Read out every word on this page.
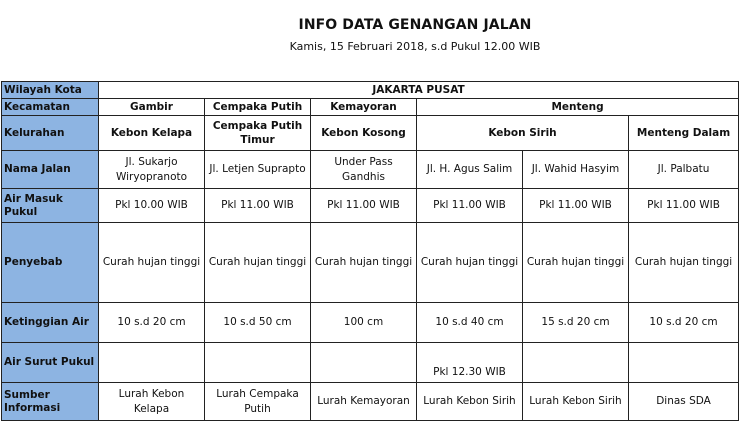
INFO DATA GENANGAN JALAN
Kamis, 15 Februari 2018, s.d Pukul 12.00 WIB
Wilayah Kota	JAKARTA PUSAT					
Kecamatan	Gambir	Cempaka Putih	Kemayoran	Menteng		
Kelurahan	Kebon Kelapa	Cempaka Putih Timur	Kebon Kosong	Kebon Sirih		Menteng Dalam
Nama Jalan	Jl. Sukarjo Wiryopranoto	Jl. Letjen Suprapto	Under Pass Gandhis	Jl. H. Agus Salim	Jl. Wahid Hasyim	Jl. Palbatu
Air Masuk Pukul	Pkl 10.00 WIB	Pkl 11.00 WIB	Pkl 11.00 WIB	Pkl 11.00 WIB	Pkl 11.00 WIB	Pkl 11.00 WIB
Penyebab	Curah hujan tinggi	Curah hujan tinggi	Curah hujan tinggi	Curah hujan tinggi	Curah hujan tinggi	Curah hujan tinggi
Ketinggian Air	10 s.d 20 cm	10 s.d 50 cm	100 cm	10 s.d 40 cm	15 s.d 20 cm	10 s.d 20 cm
Air Surut Pukul				Pkl 12.30 WIB		
Sumber Informasi	Lurah Kebon Kelapa	Lurah Cempaka Putih	Lurah Kemayoran	Lurah Kebon Sirih	Lurah Kebon Sirih	Dinas SDA
